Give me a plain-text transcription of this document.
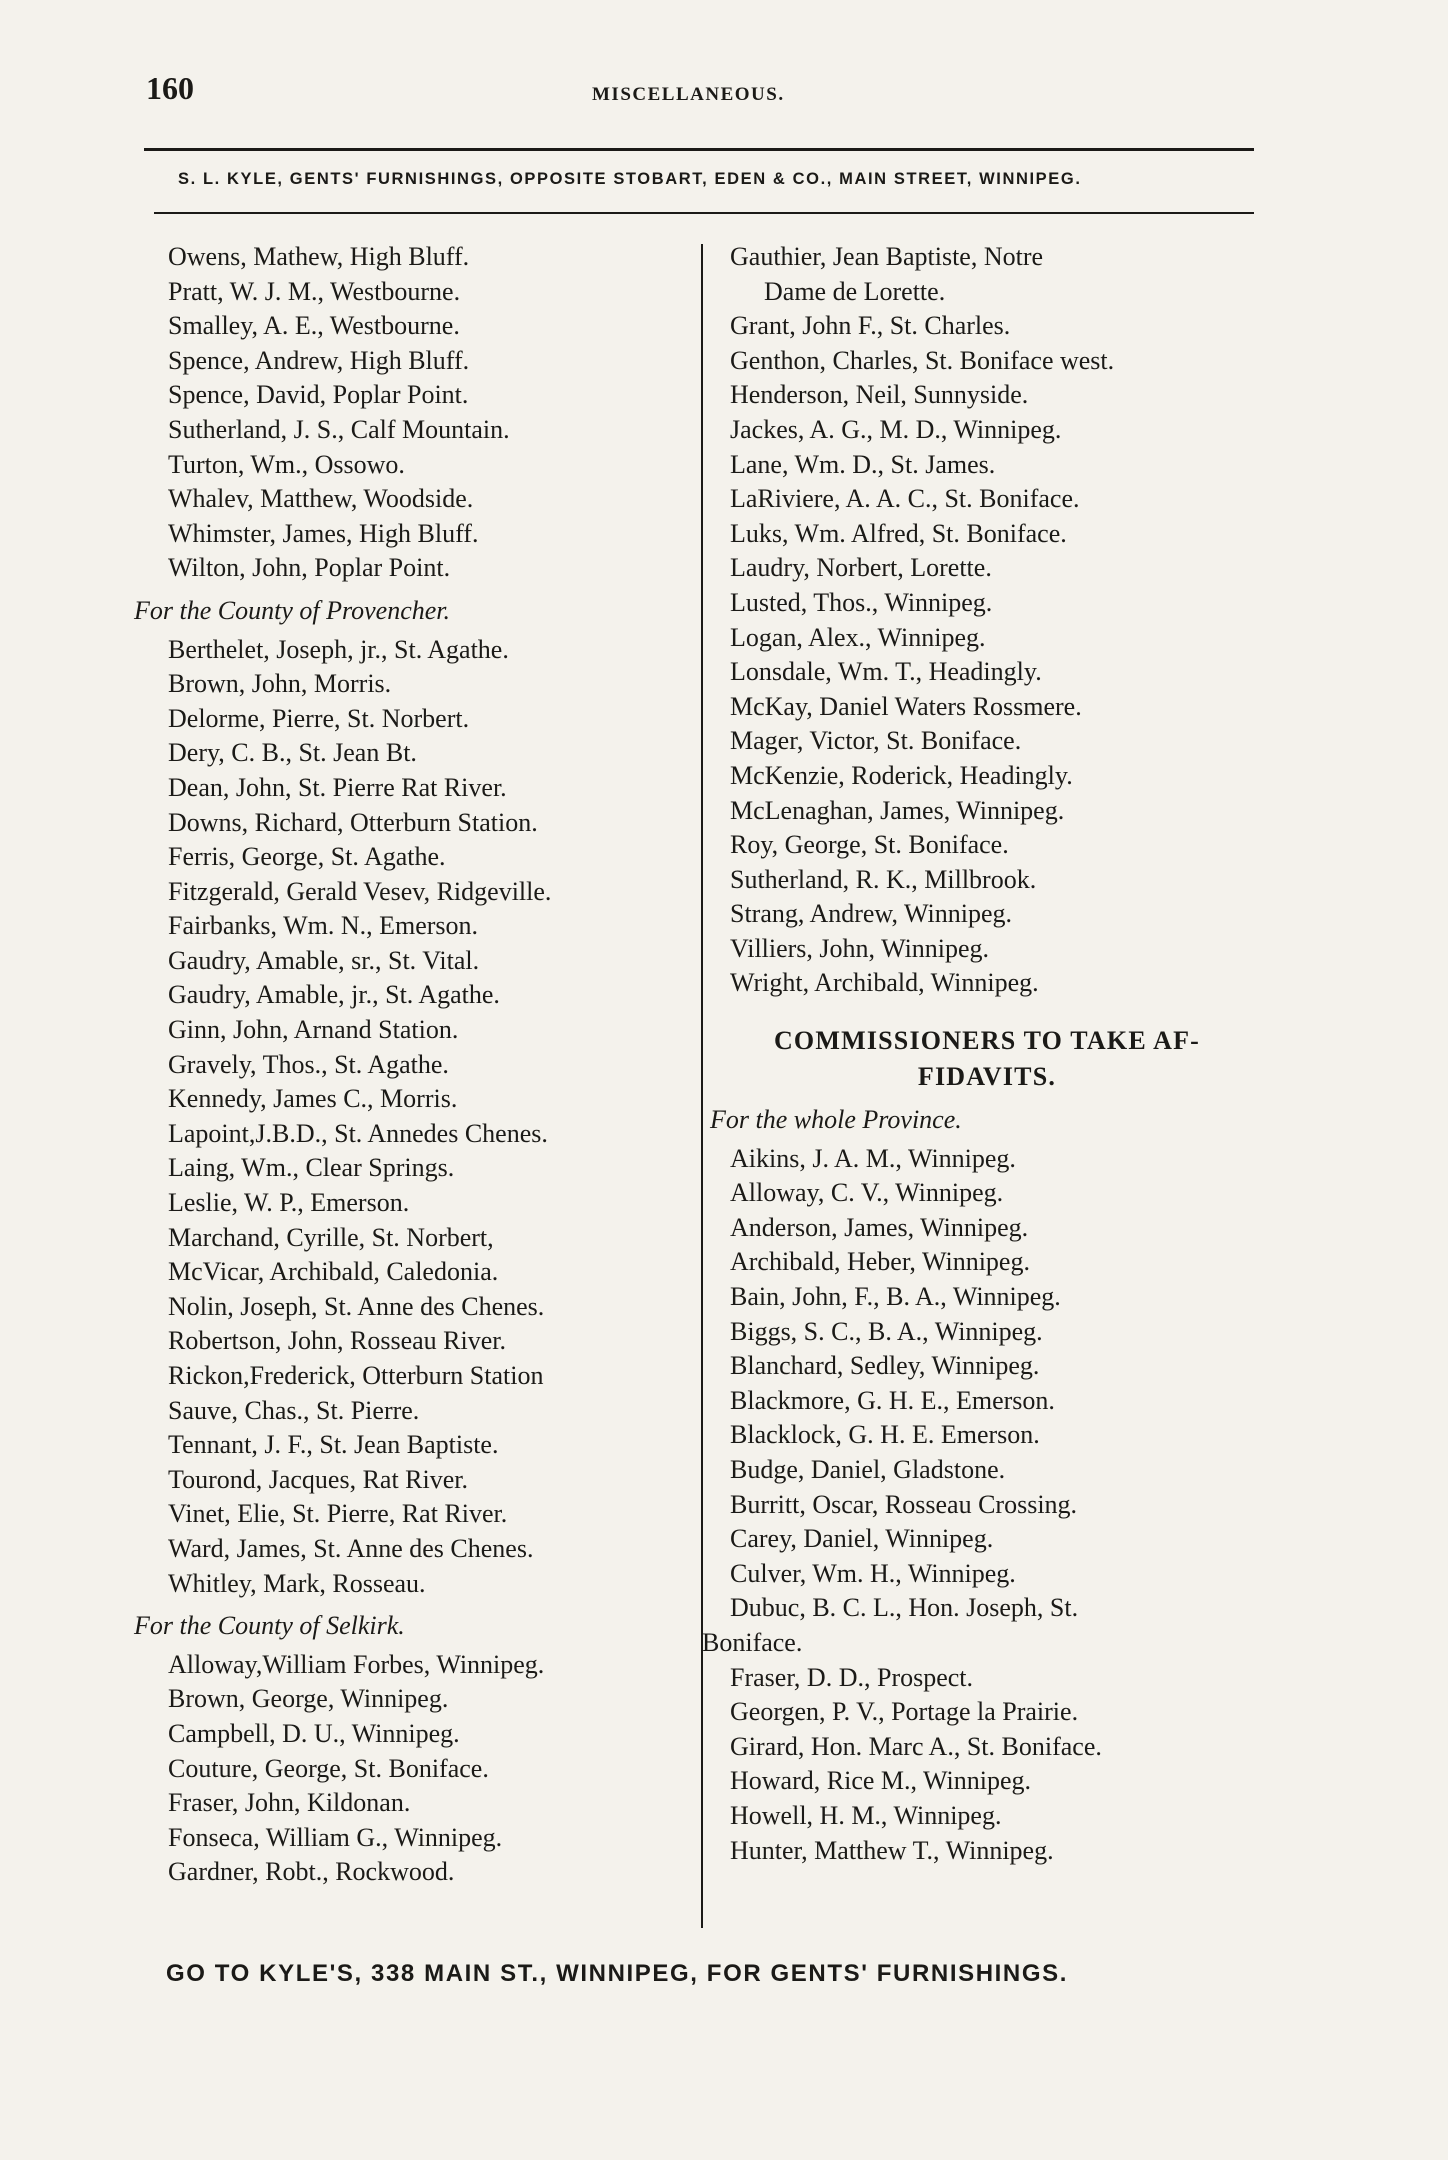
160	MISCELLANEOUS.
S. L. KYLE, GENTS' FURNISHINGS, OPPOSITE STOBART, EDEN & CO., MAIN STREET, WINNIPEG.
Owens, Mathew, High Bluff.
Pratt, W. J. M., Westbourne.
Smalley, A. E., Westbourne.
Spence, Andrew, High Bluff.
Spence, David, Poplar Point.
Sutherland, J. S., Calf Mountain.
Turton, Wm., Ossowo.
Whalev, Matthew, Woodside.
Whimster, James, High Bluff.
Wilton, John, Poplar Point.
For the County of Provencher.
Berthelet, Joseph, jr., St. Agathe.
Brown, John, Morris.
Delorme, Pierre, St. Norbert.
Dery, C. B., St. Jean Bt.
Dean, John, St. Pierre Rat River.
Downs, Richard, Otterburn Station.
Ferris, George, St. Agathe.
Fitzgerald, Gerald Vesev, Ridgeville.
Fairbanks, Wm. N., Emerson.
Gaudry, Amable, sr., St. Vital.
Gaudry, Amable, jr., St. Agathe.
Ginn, John, Arnand Station.
Gravely, Thos., St. Agathe.
Kennedy, James C., Morris.
Lapoint,J.B.D., St. Annedes Chenes.
Laing, Wm., Clear Springs.
Leslie, W. P., Emerson.
Marchand, Cyrille, St. Norbert,
McVicar, Archibald, Caledonia.
Nolin, Joseph, St. Anne des Chenes.
Robertson, John, Rosseau River.
Rickon,Frederick, Otterburn Station
Sauve, Chas., St. Pierre.
Tennant, J. F., St. Jean Baptiste.
Tourond, Jacques, Rat River.
Vinet, Elie, St. Pierre, Rat River.
Ward, James, St. Anne des Chenes.
Whitley, Mark, Rosseau.
For the County of Selkirk.
Alloway,William Forbes, Winnipeg.
Brown, George, Winnipeg.
Campbell, D. U., Winnipeg.
Couture, George, St. Boniface.
Fraser, John, Kildonan.
Fonseca, William G., Winnipeg.
Gardner, Robt., Rockwood.
Gauthier, Jean Baptiste, Notre
Dame de Lorette.
Grant, John F., St. Charles.
Genthon, Charles, St. Boniface west.
Henderson, Neil, Sunnyside.
Jackes, A. G., M. D., Winnipeg.
Lane, Wm. D., St. James.
LaRiviere, A. A. C., St. Boniface.
Luks, Wm. Alfred, St. Boniface.
Laudry, Norbert, Lorette.
Lusted, Thos., Winnipeg.
Logan, Alex., Winnipeg.
Lonsdale, Wm. T., Headingly.
McKay, Daniel Waters Rossmere.
Mager, Victor, St. Boniface.
McKenzie, Roderick, Headingly.
McLenaghan, James, Winnipeg.
Roy, George, St. Boniface.
Sutherland, R. K., Millbrook.
Strang, Andrew, Winnipeg.
Villiers, John, Winnipeg.
Wright, Archibald, Winnipeg.
COMMISSIONERS TO TAKE AF-
FIDAVITS.
For the whole Province.
Aikins, J. A. M., Winnipeg.
Alloway, C. V., Winnipeg.
Anderson, James, Winnipeg.
Archibald, Heber, Winnipeg.
Bain, John, F., B. A., Winnipeg.
Biggs, S. C., B. A., Winnipeg.
Blanchard, Sedley, Winnipeg.
Blackmore, G. H. E., Emerson.
Blacklock, G. H. E. Emerson.
Budge, Daniel, Gladstone.
Burritt, Oscar, Rosseau Crossing.
Carey, Daniel, Winnipeg.
Culver, Wm. H., Winnipeg.
Dubuc, B. C. L., Hon. Joseph, St.
Boniface.
Fraser, D. D., Prospect.
Georgen, P. V., Portage la Prairie.
Girard, Hon. Marc A., St. Boniface.
Howard, Rice M., Winnipeg.
Howell, H. M., Winnipeg.
Hunter, Matthew T., Winnipeg.
GO TO KYLE'S, 338 MAIN ST., WINNIPEG, FOR GENTS' FURNISHINGS.
